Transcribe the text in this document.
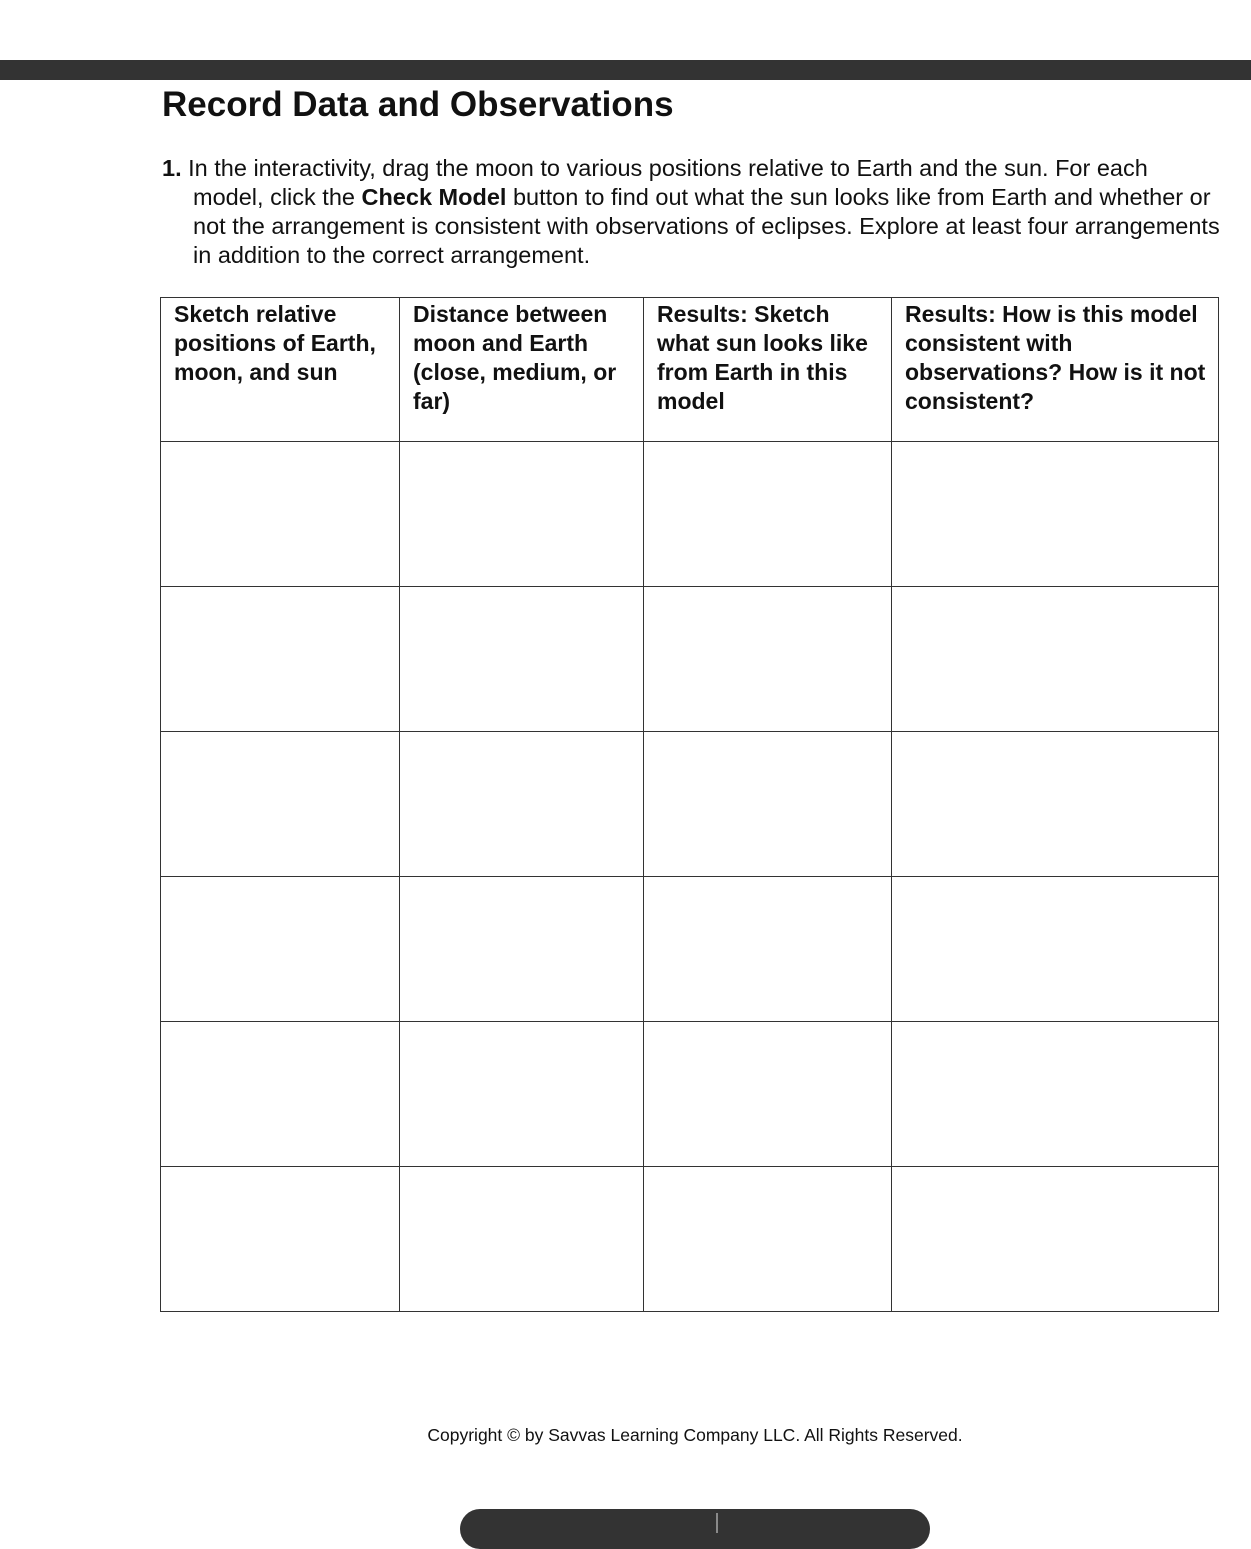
Record Data and Observations
1. In the interactivity, drag the moon to various positions relative to Earth and the sun. For each model, click the Check Model button to find out what the sun looks like from Earth and whether or not the arrangement is consistent with observations of eclipses. Explore at least four arrangements in addition to the correct arrangement.
Sketch relative positions of Earth, moon, and sun	Distance between moon and Earth (close, medium, or far)	Results: Sketch what sun looks like from Earth in this model	Results: How is this model consistent with observations? How is it not consistent?

Copyright © by Savvas Learning Company LLC. All Rights Reserved.
